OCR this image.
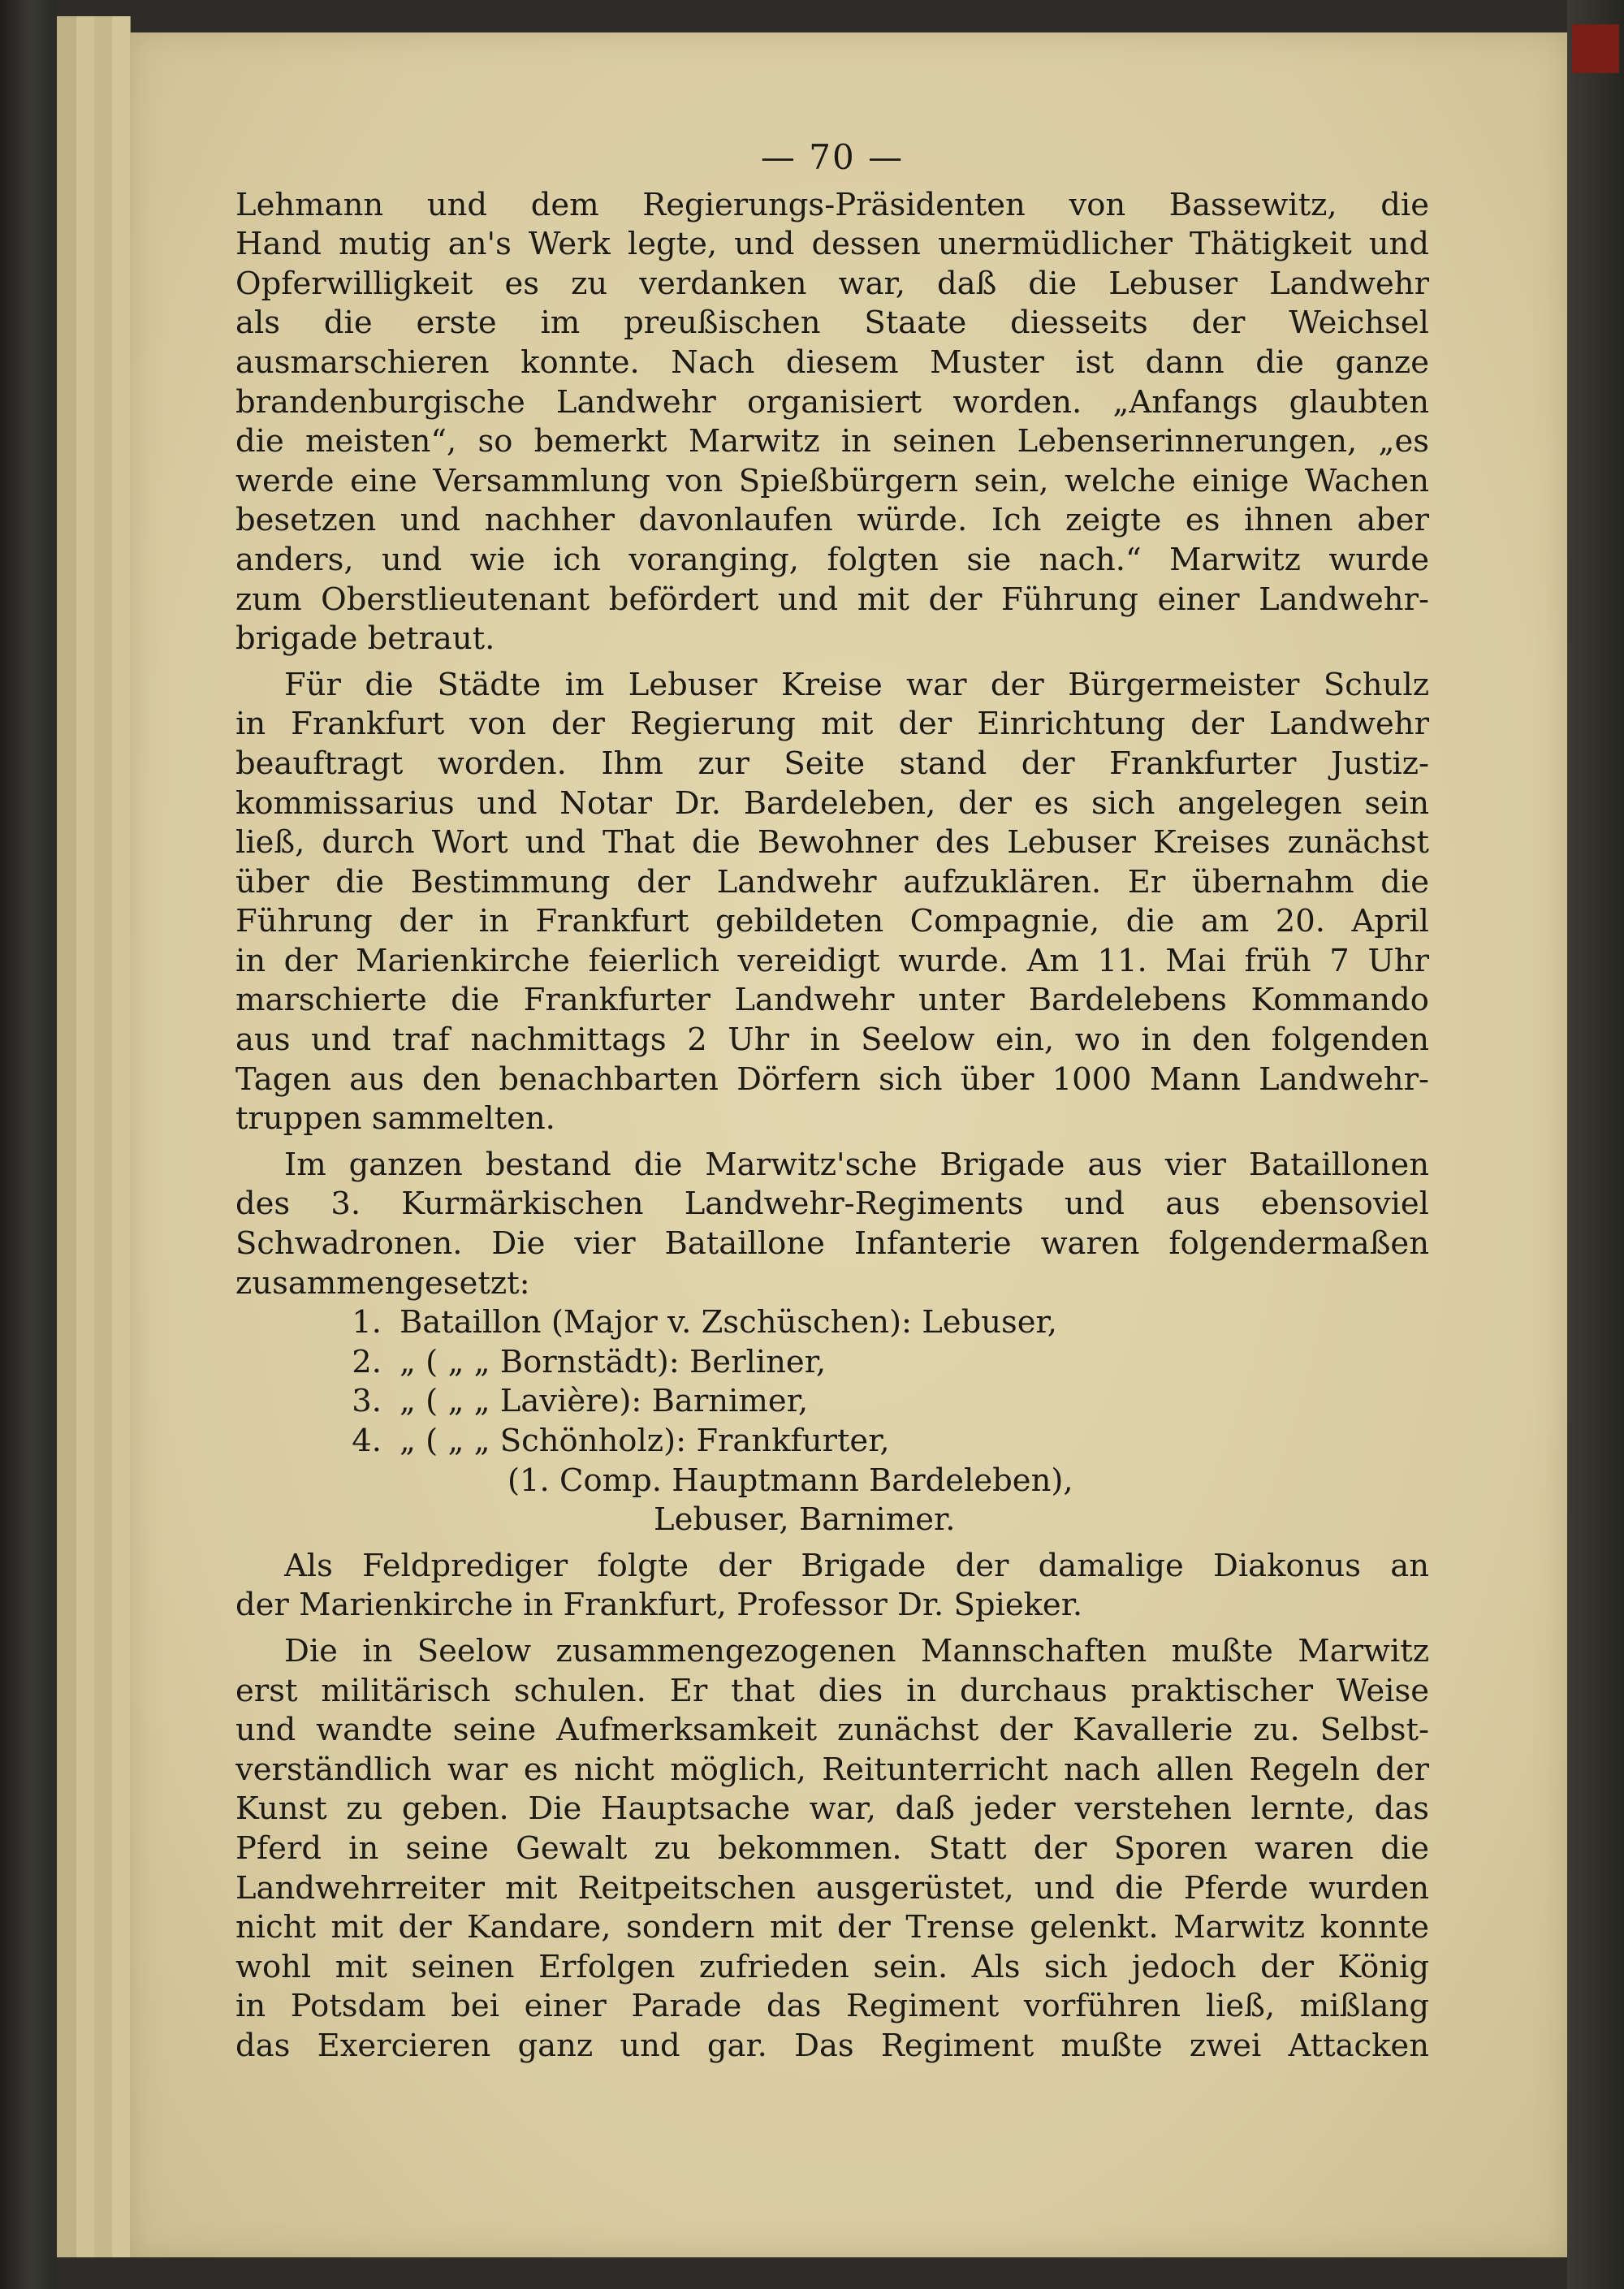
— 70 —
Lehmann und dem Regierungs-Präsidenten von Bassewitz, die
Hand mutig an's Werk legte, und dessen unermüdlicher Thätigkeit und
Opferwilligkeit es zu verdanken war, daß die Lebuser Landwehr
als die erste im preußischen Staate diesseits der Weichsel
ausmarschieren konnte. Nach diesem Muster ist dann die ganze
brandenburgische Landwehr organisiert worden. „Anfangs glaubten
die meisten“, so bemerkt Marwitz in seinen Lebenserinnerungen, „es
werde eine Versammlung von Spießbürgern sein, welche einige Wachen
besetzen und nachher davonlaufen würde. Ich zeigte es ihnen aber
anders, und wie ich voranging, folgten sie nach.“ Marwitz wurde
zum Oberstlieutenant befördert und mit der Führung einer Landwehr-
brigade betraut.
Für die Städte im Lebuser Kreise war der Bürgermeister Schulz
in Frankfurt von der Regierung mit der Einrichtung der Landwehr
beauftragt worden. Ihm zur Seite stand der Frankfurter Justiz-
kommissarius und Notar Dr. Bardeleben, der es sich angelegen sein
ließ, durch Wort und That die Bewohner des Lebuser Kreises zunächst
über die Bestimmung der Landwehr aufzuklären. Er übernahm die
Führung der in Frankfurt gebildeten Compagnie, die am 20. April
in der Marienkirche feierlich vereidigt wurde. Am 11. Mai früh 7 Uhr
marschierte die Frankfurter Landwehr unter Bardelebens Kommando
aus und traf nachmittags 2 Uhr in Seelow ein, wo in den folgenden
Tagen aus den benachbarten Dörfern sich über 1000 Mann Landwehr-
truppen sammelten.
Im ganzen bestand die Marwitz'sche Brigade aus vier Bataillonen
des 3. Kurmärkischen Landwehr-Regiments und aus ebensoviel
Schwadronen. Die vier Bataillone Infanterie waren folgendermaßen
zusammengesetzt:
1. Bataillon (Major v. Zschüschen): Lebuser,
2. „ ( „ „ Bornstädt): Berliner,
3. „ ( „ „ Lavière): Barnimer,
4. „ ( „ „ Schönholz): Frankfurter,
(1. Comp. Hauptmann Bardeleben),
Lebuser, Barnimer.
Als Feldprediger folgte der Brigade der damalige Diakonus an
der Marienkirche in Frankfurt, Professor Dr. Spieker.
Die in Seelow zusammengezogenen Mannschaften mußte Marwitz
erst militärisch schulen. Er that dies in durchaus praktischer Weise
und wandte seine Aufmerksamkeit zunächst der Kavallerie zu. Selbst-
verständlich war es nicht möglich, Reitunterricht nach allen Regeln der
Kunst zu geben. Die Hauptsache war, daß jeder verstehen lernte, das
Pferd in seine Gewalt zu bekommen. Statt der Sporen waren die
Landwehrreiter mit Reitpeitschen ausgerüstet, und die Pferde wurden
nicht mit der Kandare, sondern mit der Trense gelenkt. Marwitz konnte
wohl mit seinen Erfolgen zufrieden sein. Als sich jedoch der König
in Potsdam bei einer Parade das Regiment vorführen ließ, mißlang
das Exercieren ganz und gar. Das Regiment mußte zwei Attacken
